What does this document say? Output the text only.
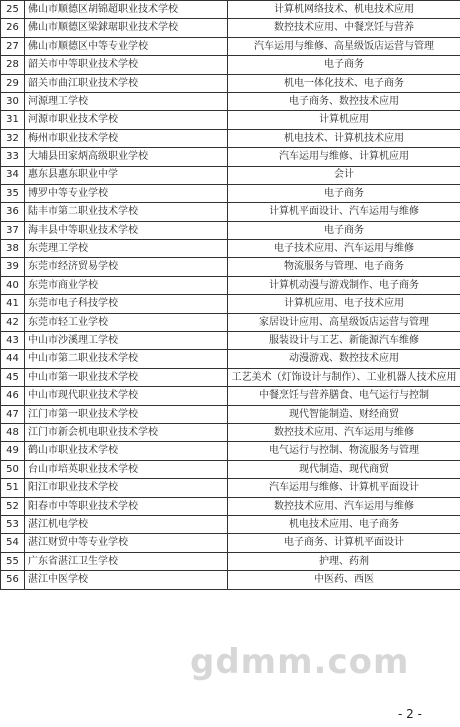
25	佛山市顺德区胡锦超职业技术学校	计算机网络技术、机电技术应用
26	佛山市顺德区梁銶琚职业技术学校	数控技术应用、中餐烹饪与营养
27	佛山市顺德区中等专业学校	汽车运用与维修、高星级饭店运营与管理
28	韶关市中等职业技术学校	电子商务
29	韶关市曲江职业技术学校	机电一体化技术、电子商务
30	河源理工学校	电子商务、数控技术应用
31	河源市职业技术学校	计算机应用
32	梅州市职业技术学校	机电技术、计算机技术应用
33	大埔县田家炳高级职业学校	汽车运用与维修、计算机应用
34	惠东县惠东职业中学	会计
35	博罗中等专业学校	电子商务
36	陆丰市第二职业技术学校	计算机平面设计、汽车运用与维修
37	海丰县中等职业技术学校	电子商务
38	东莞理工学校	电子技术应用、汽车运用与维修
39	东莞市经济贸易学校	物流服务与管理、电子商务
40	东莞市商业学校	计算机动漫与游戏制作、电子商务
41	东莞市电子科技学校	计算机应用、电子技术应用
42	东莞市轻工业学校	家居设计应用、高星级饭店运营与管理
43	中山市沙溪理工学校	服装设计与工艺、新能源汽车维修
44	中山市第二职业技术学校	动漫游戏、数控技术应用
45	中山市第一职业技术学校	工艺美术（灯饰设计与制作）、工业机器人技术应用
46	中山市现代职业技术学校	中餐烹饪与营养膳食、电气运行与控制
47	江门市第一职业技术学校	现代智能制造、财经商贸
48	江门市新会机电职业技术学校	数控技术应用、汽车运用与维修
49	鹤山市职业技术学校	电气运行与控制、物流服务与管理
50	台山市培英职业技术学校	现代制造、现代商贸
51	阳江市职业技术学校	汽车运用与维修、计算机平面设计
52	阳春市中等职业技术学校	数控技术应用、汽车运用与维修
53	湛江机电学校	机电技术应用、电子商务
54	湛江财贸中等专业学校	电子商务、计算机平面设计
55	广东省湛江卫生学校	护理、药剂
56	湛江中医学校	中医药、西医
gdmm.com
- 2 -
